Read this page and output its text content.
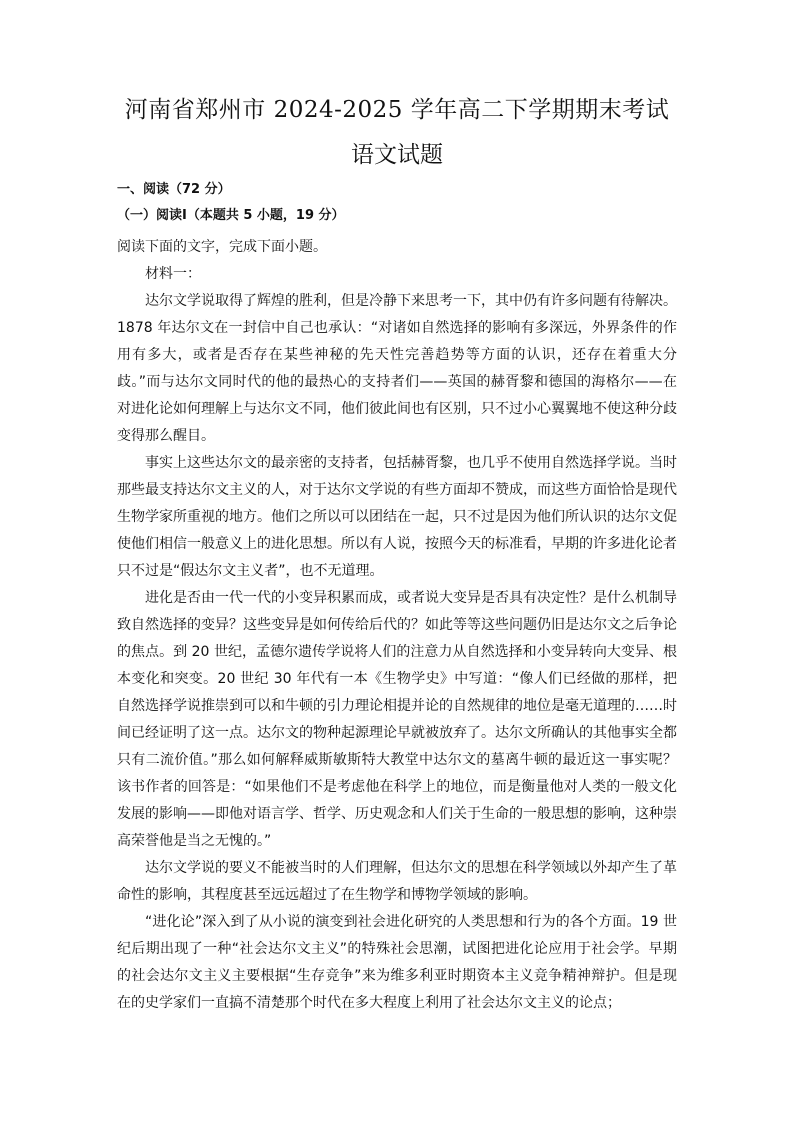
河南省郑州市 2024-2025 学年高二下学期期末考试
语文试题
一、阅读（72 分）
（一）阅读Ⅰ（本题共 5 小题，19 分）

阅读下面的文字，完成下面小题。

材料一：

达尔文学说取得了辉煌的胜利，但是冷静下来思考一下，其中仍有许多问题有待解决。1878 年达尔文在一封信中自己也承认：“对诸如自然选择的影响有多深远，外界条件的作用有多大，或者是否存在某些神秘的先天性完善趋势等方面的认识，还存在着重大分歧。”而与达尔文同时代的他的最热心的支持者们——英国的赫胥黎和德国的海格尔——在对进化论如何理解上与达尔文不同，他们彼此间也有区别，只不过小心翼翼地不使这种分歧变得那么醒目。

事实上这些达尔文的最亲密的支持者，包括赫胥黎，也几乎不使用自然选择学说。当时那些最支持达尔文主义的人，对于达尔文学说的有些方面却不赞成，而这些方面恰恰是现代生物学家所重视的地方。他们之所以可以团结在一起，只不过是因为他们所认识的达尔文促使他们相信一般意义上的进化思想。所以有人说，按照今天的标准看，早期的许多进化论者只不过是“假达尔文主义者”，也不无道理。

进化是否由一代一代的小变异积累而成，或者说大变异是否具有决定性？是什么机制导致自然选择的变异？这些变异是如何传给后代的？如此等等这些问题仍旧是达尔文之后争论的焦点。到 20 世纪，孟德尔遗传学说将人们的注意力从自然选择和小变异转向大变异、根本变化和突变。20 世纪 30 年代有一本《生物学史》中写道：“像人们已经做的那样，把自然选择学说推崇到可以和牛顿的引力理论相提并论的自然规律的地位是毫无道理的……时间已经证明了这一点。达尔文的物种起源理论早就被放弃了。达尔文所确认的其他事实全都只有二流价值。”那么如何解释威斯敏斯特大教堂中达尔文的墓离牛顿的最近这一事实呢？该书作者的回答是：“如果他们不是考虑他在科学上的地位，而是衡量他对人类的一般文化发展的影响——即他对语言学、哲学、历史观念和人们关于生命的一般思想的影响，这种崇高荣誉他是当之无愧的。”

达尔文学说的要义不能被当时的人们理解，但达尔文的思想在科学领域以外却产生了革命性的影响，其程度甚至远远超过了在生物学和博物学领域的影响。

“进化论”深入到了从小说的演变到社会进化研究的人类思想和行为的各个方面。19 世纪后期出现了一种“社会达尔文主义”的特殊社会思潮，试图把进化论应用于社会学。早期的社会达尔文主义主要根据“生存竞争”来为维多利亚时期资本主义竞争精神辩护。但是现在的史学家们一直搞不清楚那个时代在多大程度上利用了社会达尔文主义的论点；
